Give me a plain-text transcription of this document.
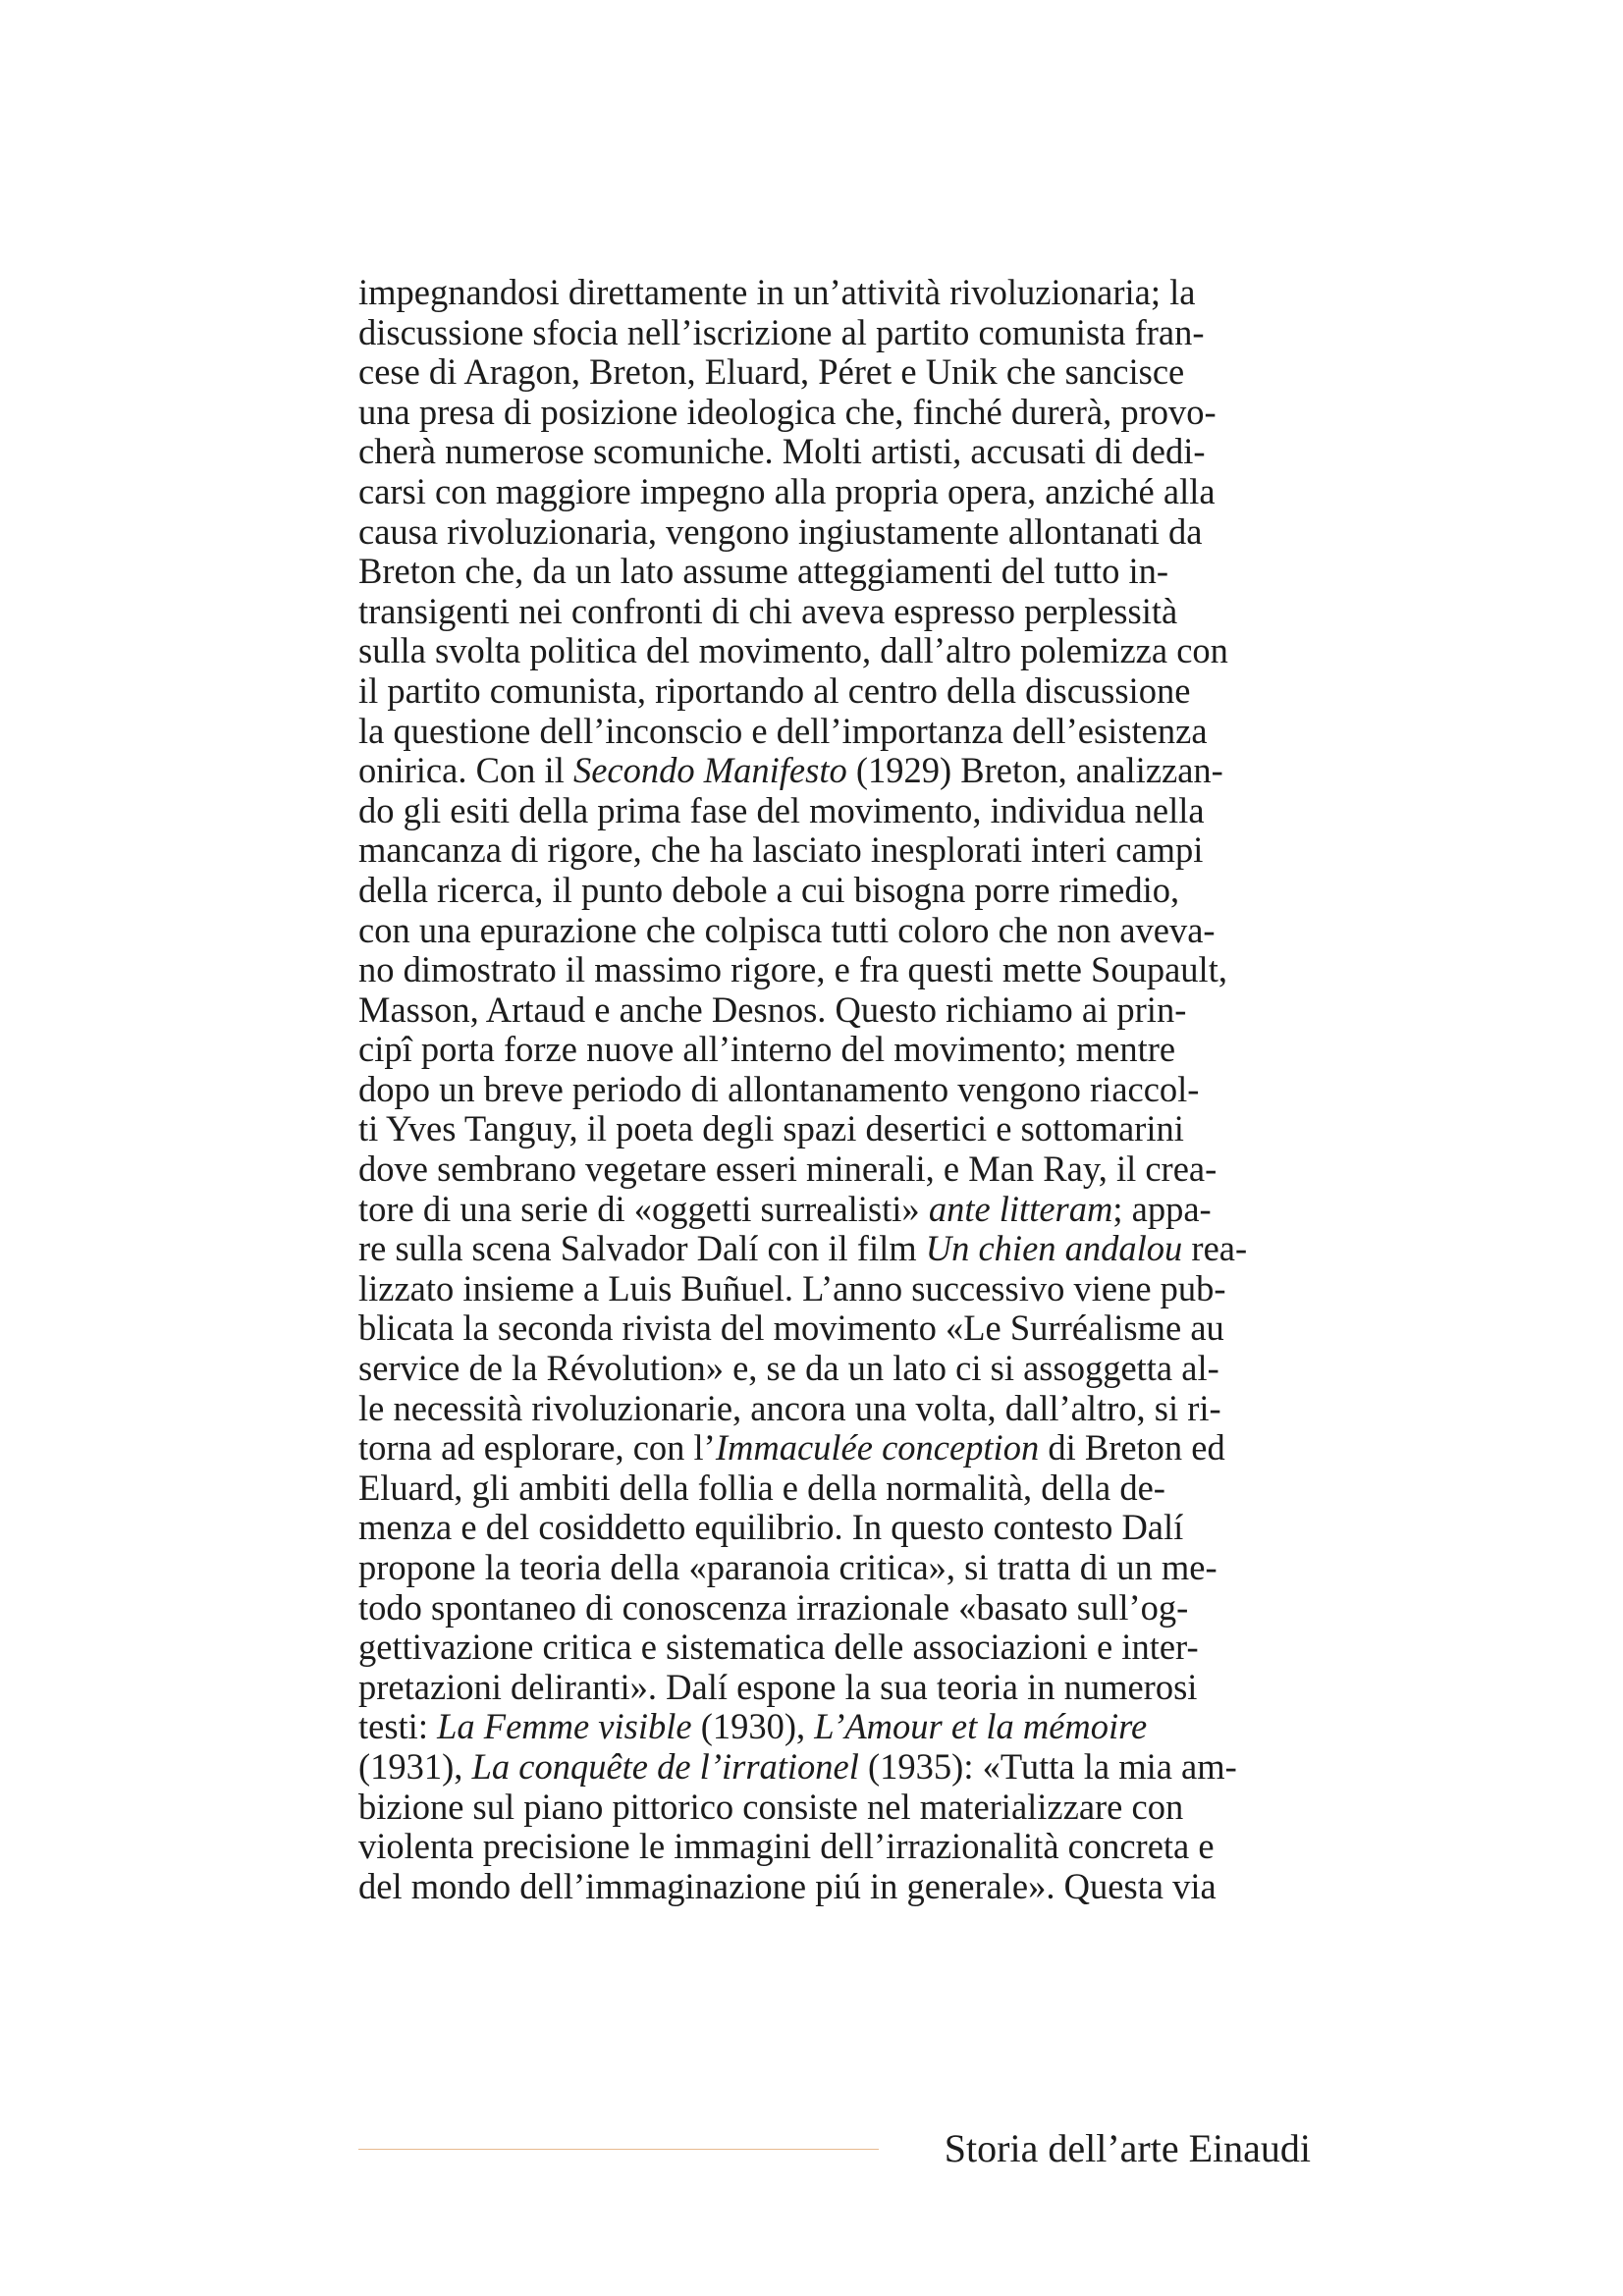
impegnandosi direttamente in un’attività rivoluzionaria; la
discussione sfocia nell’iscrizione al partito comunista fran-
cese di Aragon, Breton, Eluard, Péret e Unik che sancisce
una presa di posizione ideologica che, finché durerà, provo-
cherà numerose scomuniche. Molti artisti, accusati di dedi-
carsi con maggiore impegno alla propria opera, anziché alla
causa rivoluzionaria, vengono ingiustamente allontanati da
Breton che, da un lato assume atteggiamenti del tutto in-
transigenti nei confronti di chi aveva espresso perplessità
sulla svolta politica del movimento, dall’altro polemizza con
il partito comunista, riportando al centro della discussione
la questione dell’inconscio e dell’importanza dell’esistenza
onirica. Con il Secondo Manifesto (1929) Breton, analizzan-
do gli esiti della prima fase del movimento, individua nella
mancanza di rigore, che ha lasciato inesplorati interi campi
della ricerca, il punto debole a cui bisogna porre rimedio,
con una epurazione che colpisca tutti coloro che non aveva-
no dimostrato il massimo rigore, e fra questi mette Soupault,
Masson, Artaud e anche Desnos. Questo richiamo ai prin-
cipî porta forze nuove all’interno del movimento; mentre
dopo un breve periodo di allontanamento vengono riaccol-
ti Yves Tanguy, il poeta degli spazi desertici e sottomarini
dove sembrano vegetare esseri minerali, e Man Ray, il crea-
tore di una serie di «oggetti surrealisti» ante litteram; appa-
re sulla scena Salvador Dalí con il film Un chien andalou rea-
lizzato insieme a Luis Buñuel. L’anno successivo viene pub-
blicata la seconda rivista del movimento «Le Surréalisme au
service de la Révolution» e, se da un lato ci si assoggetta al-
le necessità rivoluzionarie, ancora una volta, dall’altro, si ri-
torna ad esplorare, con l’Immaculée conception di Breton ed
Eluard, gli ambiti della follia e della normalità, della de-
menza e del cosiddetto equilibrio. In questo contesto Dalí
propone la teoria della «paranoia critica», si tratta di un me-
todo spontaneo di conoscenza irrazionale «basato sull’og-
gettivazione critica e sistematica delle associazioni e inter-
pretazioni deliranti». Dalí espone la sua teoria in numerosi
testi: La Femme visible (1930), L’Amour et la mémoire
(1931), La conquête de l’irrationel (1935): «Tutta la mia am-
bizione sul piano pittorico consiste nel materializzare con
violenta precisione le immagini dell’irrazionalità concreta e
del mondo dell’immaginazione piú in generale». Questa via
Storia dell’arte Einaudi
